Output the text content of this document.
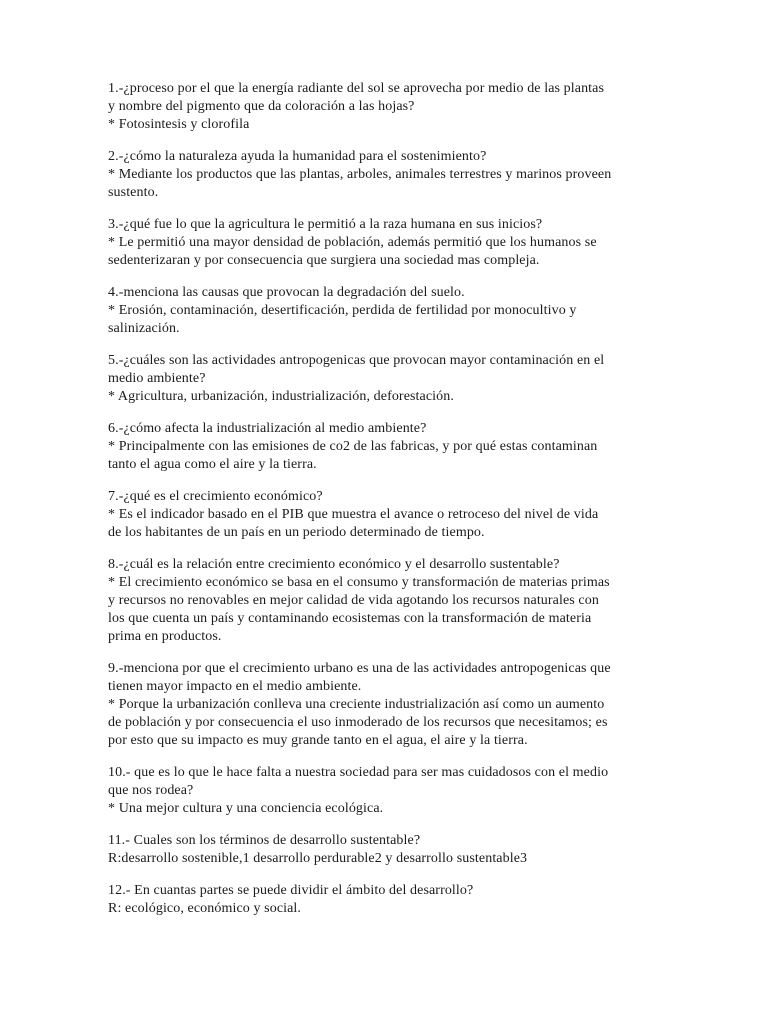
1.-¿proceso por el que la energía radiante del sol se aprovecha por medio de las plantas
y nombre del pigmento que da coloración a las hojas?
* Fotosintesis y clorofila
2.-¿cómo la naturaleza ayuda la humanidad para el sostenimiento?
* Mediante los productos que las plantas, arboles, animales terrestres y marinos proveen
sustento.
3.-¿qué fue lo que la agricultura le permitió a la raza humana en sus inicios?
* Le permitió una mayor densidad de población, además permitió que los humanos se
sedenterizaran y por consecuencia que surgiera una sociedad mas compleja.
4.-menciona las causas que provocan la degradación del suelo.
* Erosión, contaminación, desertificación, perdida de fertilidad por monocultivo y
salinización.
5.-¿cuáles son las actividades antropogenicas que provocan mayor contaminación en el
medio ambiente?
* Agricultura, urbanización, industrialización, deforestación.
6.-¿cómo afecta la industrialización al medio ambiente?
* Principalmente con las emisiones de co2 de las fabricas, y por qué estas contaminan
tanto el agua como el aire y la tierra.
7.-¿qué es el crecimiento económico?
* Es el indicador basado en el PIB que muestra el avance o retroceso del nivel de vida
de los habitantes de un país en un periodo determinado de tiempo.
8.-¿cuál es la relación entre crecimiento económico y el desarrollo sustentable?
* El crecimiento económico se basa en el consumo y transformación de materias primas
y recursos no renovables en mejor calidad de vida agotando los recursos naturales con
los que cuenta un país y contaminando ecosistemas con la transformación de materia
prima en productos.
9.-menciona por que el crecimiento urbano es una de las actividades antropogenicas que
tienen mayor impacto en el medio ambiente.
* Porque la urbanización conlleva una creciente industrialización así como un aumento
de población y por consecuencia el uso inmoderado de los recursos que necesitamos; es
por esto que su impacto es muy grande tanto en el agua, el aire y la tierra.
10.- que es lo que le hace falta a nuestra sociedad para ser mas cuidadosos con el medio
que nos rodea?
* Una mejor cultura y una conciencia ecológica.
11.- Cuales son los términos de desarrollo sustentable?
R:desarrollo sostenible,1 desarrollo perdurable2 y desarrollo sustentable3
12.- En cuantas partes se puede dividir el ámbito del desarrollo?
R: ecológico, económico y social.
